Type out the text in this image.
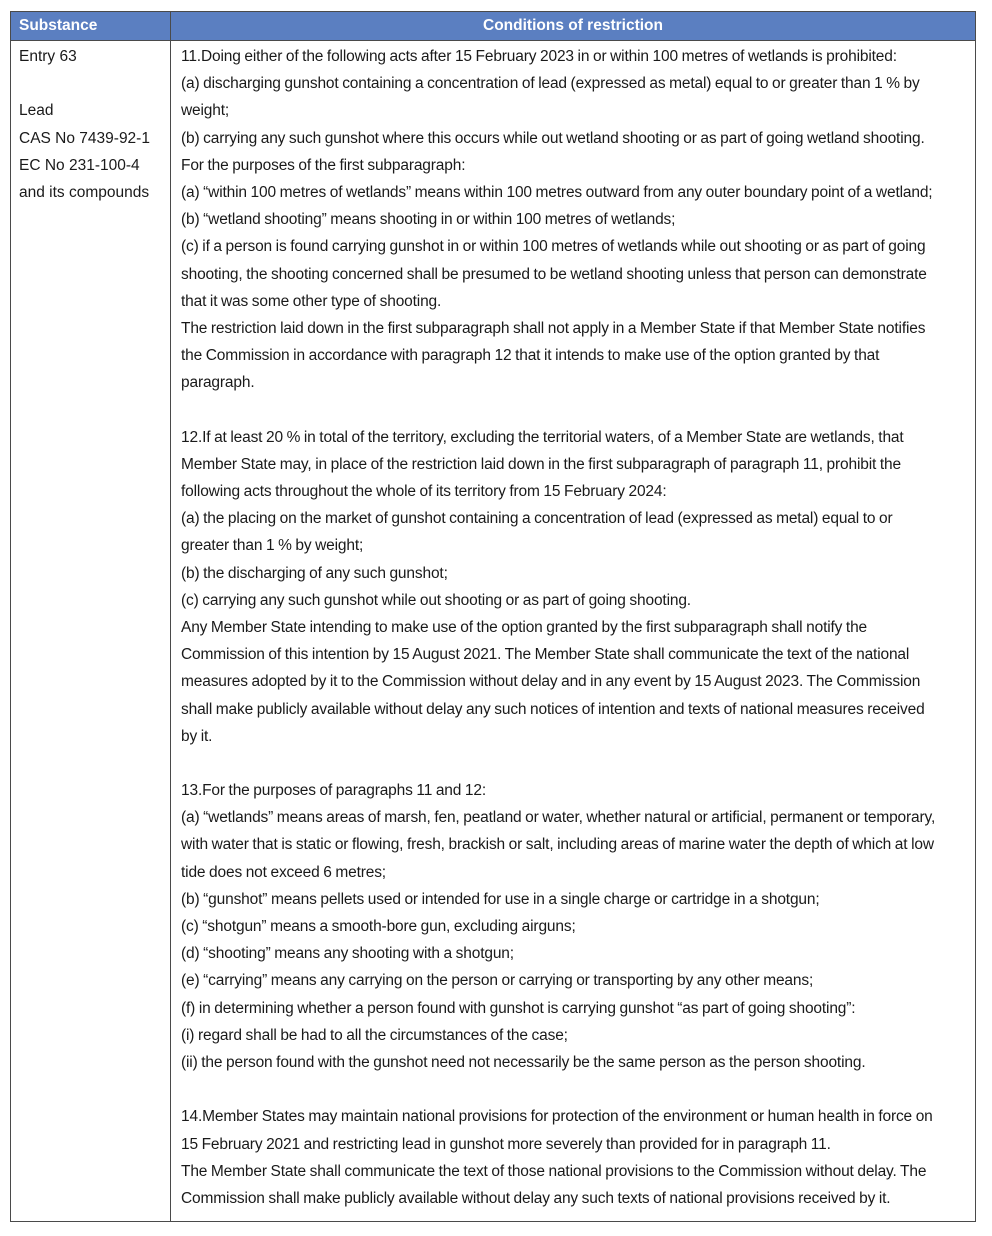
Substance	Conditions of restriction
Entry 63
Lead
CAS No 7439-92-1
EC No 231-100-4
and its compounds
11.Doing either of the following acts after 15 February 2023 in or within 100 metres of wetlands is prohibited:
(a) discharging gunshot containing a concentration of lead (expressed as metal) equal to or greater than 1 % by
weight;
(b) carrying any such gunshot where this occurs while out wetland shooting or as part of going wetland shooting.
For the purposes of the first subparagraph:
(a) “within 100 metres of wetlands” means within 100 metres outward from any outer boundary point of a wetland;
(b) “wetland shooting” means shooting in or within 100 metres of wetlands;
(c) if a person is found carrying gunshot in or within 100 metres of wetlands while out shooting or as part of going
shooting, the shooting concerned shall be presumed to be wetland shooting unless that person can demonstrate
that it was some other type of shooting.
The restriction laid down in the first subparagraph shall not apply in a Member State if that Member State notifies
the Commission in accordance with paragraph 12 that it intends to make use of the option granted by that
paragraph.
12.If at least 20 % in total of the territory, excluding the territorial waters, of a Member State are wetlands, that
Member State may, in place of the restriction laid down in the first subparagraph of paragraph 11, prohibit the
following acts throughout the whole of its territory from 15 February 2024:
(a) the placing on the market of gunshot containing a concentration of lead (expressed as metal) equal to or
greater than 1 % by weight;
(b) the discharging of any such gunshot;
(c) carrying any such gunshot while out shooting or as part of going shooting.
Any Member State intending to make use of the option granted by the first subparagraph shall notify the
Commission of this intention by 15 August 2021. The Member State shall communicate the text of the national
measures adopted by it to the Commission without delay and in any event by 15 August 2023. The Commission
shall make publicly available without delay any such notices of intention and texts of national measures received
by it.
13.For the purposes of paragraphs 11 and 12:
(a) “wetlands” means areas of marsh, fen, peatland or water, whether natural or artificial, permanent or temporary,
with water that is static or flowing, fresh, brackish or salt, including areas of marine water the depth of which at low
tide does not exceed 6 metres;
(b) “gunshot” means pellets used or intended for use in a single charge or cartridge in a shotgun;
(c) “shotgun” means a smooth-bore gun, excluding airguns;
(d) “shooting” means any shooting with a shotgun;
(e) “carrying” means any carrying on the person or carrying or transporting by any other means;
(f) in determining whether a person found with gunshot is carrying gunshot “as part of going shooting”:
(i) regard shall be had to all the circumstances of the case;
(ii) the person found with the gunshot need not necessarily be the same person as the person shooting.
14.Member States may maintain national provisions for protection of the environment or human health in force on
15 February 2021 and restricting lead in gunshot more severely than provided for in paragraph 11.
The Member State shall communicate the text of those national provisions to the Commission without delay. The
Commission shall make publicly available without delay any such texts of national provisions received by it.
